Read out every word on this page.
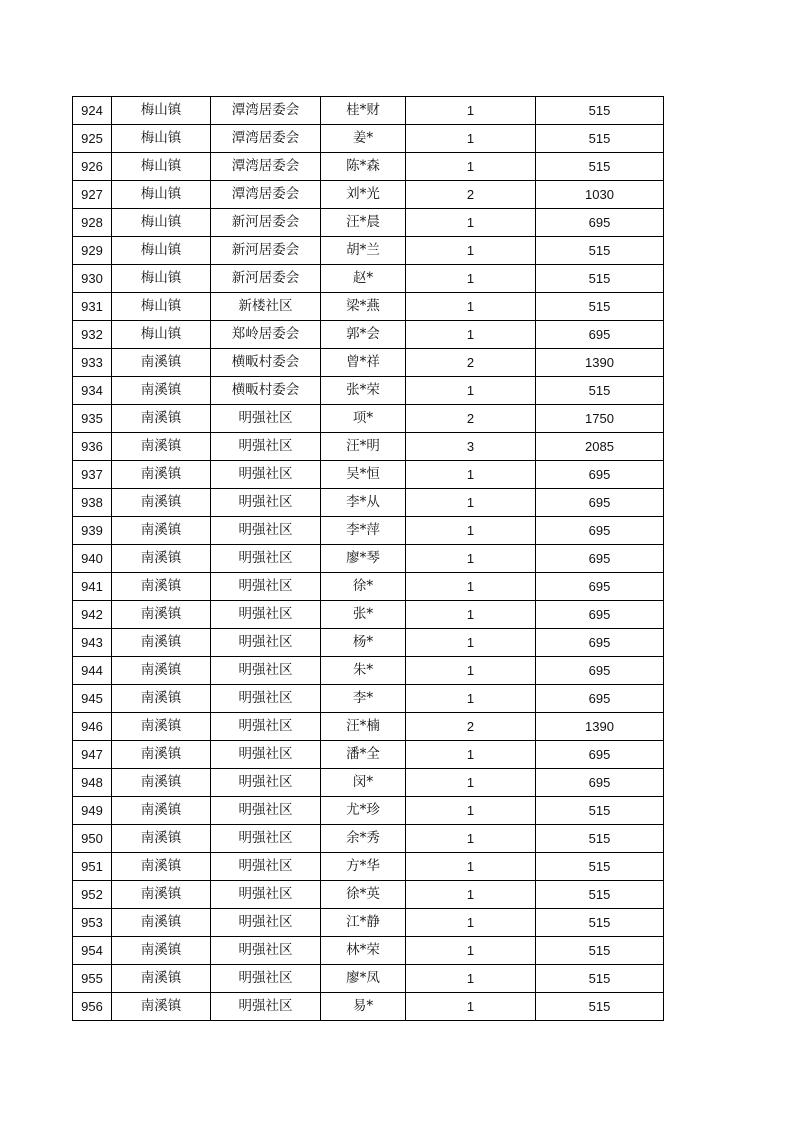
924	梅山镇	潭湾居委会	桂*财	1	515
925	梅山镇	潭湾居委会	姜*	1	515
926	梅山镇	潭湾居委会	陈*森	1	515
927	梅山镇	潭湾居委会	刘*光	2	1030
928	梅山镇	新河居委会	汪*晨	1	695
929	梅山镇	新河居委会	胡*兰	1	515
930	梅山镇	新河居委会	赵*	1	515
931	梅山镇	新楼社区	梁*燕	1	515
932	梅山镇	郑岭居委会	郭*会	1	695
933	南溪镇	横畈村委会	曾*祥	2	1390
934	南溪镇	横畈村委会	张*荣	1	515
935	南溪镇	明强社区	项*	2	1750
936	南溪镇	明强社区	汪*明	3	2085
937	南溪镇	明强社区	吴*恒	1	695
938	南溪镇	明强社区	李*从	1	695
939	南溪镇	明强社区	李*萍	1	695
940	南溪镇	明强社区	廖*琴	1	695
941	南溪镇	明强社区	徐*	1	695
942	南溪镇	明强社区	张*	1	695
943	南溪镇	明强社区	杨*	1	695
944	南溪镇	明强社区	朱*	1	695
945	南溪镇	明强社区	李*	1	695
946	南溪镇	明强社区	汪*楠	2	1390
947	南溪镇	明强社区	潘*全	1	695
948	南溪镇	明强社区	闵*	1	695
949	南溪镇	明强社区	尤*珍	1	515
950	南溪镇	明强社区	余*秀	1	515
951	南溪镇	明强社区	方*华	1	515
952	南溪镇	明强社区	徐*英	1	515
953	南溪镇	明强社区	江*静	1	515
954	南溪镇	明强社区	林*荣	1	515
955	南溪镇	明强社区	廖*凤	1	515
956	南溪镇	明强社区	易*	1	515
